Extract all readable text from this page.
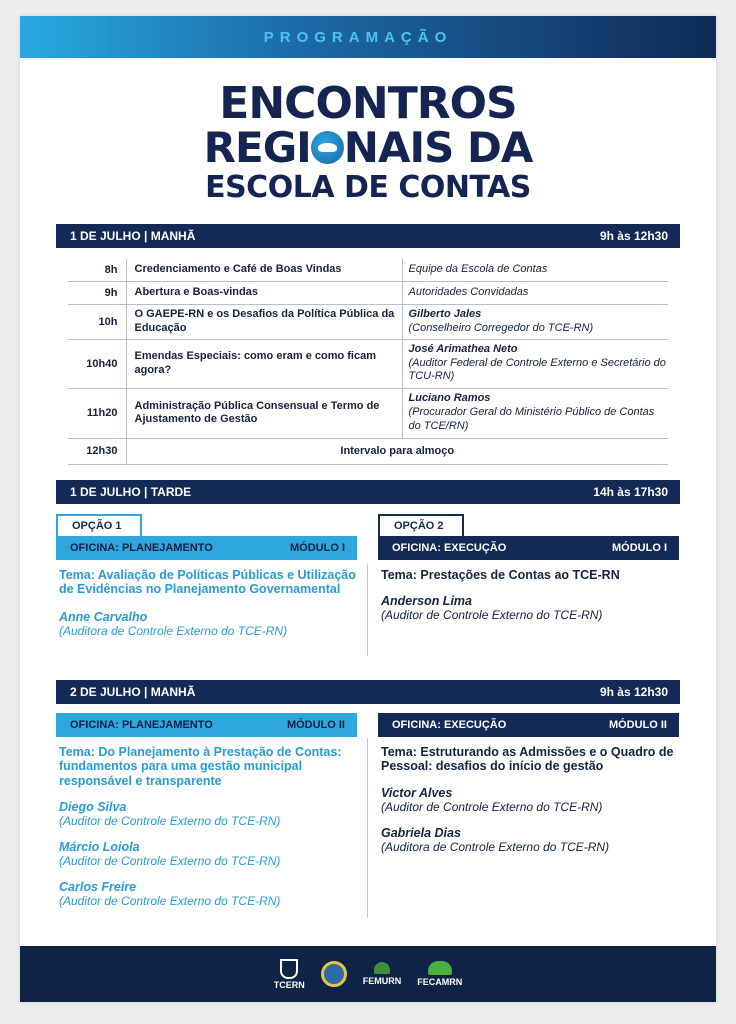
PROGRAMAÇÃO
ENCONTROS
REGI NAIS DA
ESCOLA DE CONTAS
1 DE JULHO | MANHÃ	9h às 12h30
8h	Credenciamento e Café de Boas Vindas	Equipe da Escola de Contas
9h	Abertura e Boas-vindas	Autoridades Convidadas
10h	O GAEPE-RN e os Desafios da Política Pública da Educação	Gilberto Jales
(Conselheiro Corregedor do TCE-RN)
10h40	Emendas Especiais: como eram e como ficam agora?	José Arimathea Neto
(Auditor Federal de Controle Externo e Secretário do TCU-RN)
11h20	Administração Pública Consensual e Termo de Ajustamento de Gestão	Luciano Ramos
(Procurador Geral do Ministério Público de Contas do TCE/RN)
12h30	Intervalo para almoço	
1 DE JULHO | TARDE	14h às 17h30
OPÇÃO 1
OFICINA: PLANEJAMENTO	MÓDULO I
Tema: Avaliação de Políticas Públicas e Utilização de Evidências no Planejamento Governamental
Anne Carvalho
(Auditora de Controle Externo do TCE-RN)
OPÇÃO 2
OFICINA: EXECUÇÃO	MÓDULO I
Tema: Prestações de Contas ao TCE-RN
Anderson Lima
(Auditor de Controle Externo do TCE-RN)
2 DE JULHO | MANHÃ	9h às 12h30
OFICINA: PLANEJAMENTO	MÓDULO II
Tema: Do Planejamento à Prestação de Contas: fundamentos para uma gestão municipal responsável e transparente
Diego Silva
(Auditor de Controle Externo do TCE-RN)
Márcio Loiola
(Auditor de Controle Externo do TCE-RN)
Carlos Freire
(Auditor de Controle Externo do TCE-RN)
OFICINA: EXECUÇÃO	MÓDULO II
Tema: Estruturando as Admissões e o Quadro de Pessoal: desafios do início de gestão
Victor Alves
(Auditor de Controle Externo do TCE-RN)
Gabriela Dias
(Auditora de Controle Externo do TCE-RN)
TCERN	FEMURN FECAMRN
